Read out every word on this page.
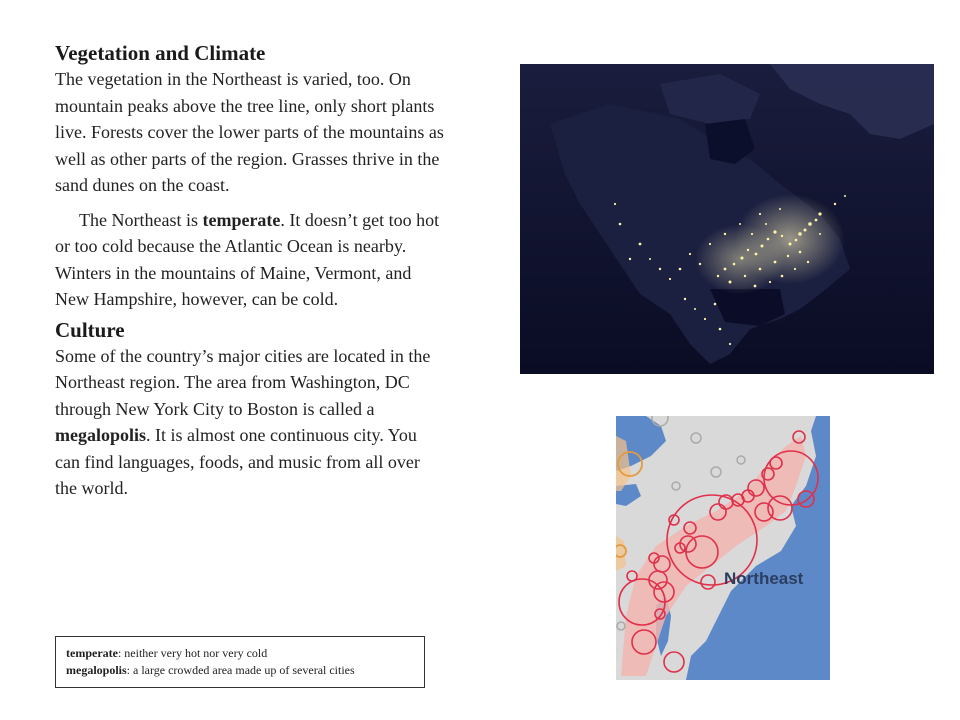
Vegetation and Climate

The vegetation in the Northeast is varied, too. On mountain peaks above the tree line, only short plants live. Forests cover the lower parts of the mountains as well as other parts of the region. Grasses thrive in the sand dunes on the coast.

The Northeast is temperate. It doesn’t get too hot or too cold because the Atlantic Ocean is nearby. Winters in the mountains of Maine, Vermont, and New Hampshire, however, can be cold.

Culture

Some of the country’s major cities are located in the Northeast region. The area from Washington, DC through New York City to Boston is called a megalopolis. It is almost one continuous city. You can find languages, foods, and music from all over the world.

temperate: neither very hot nor very cold
megalopolis: a large crowded area made up of several cities
Northeast
